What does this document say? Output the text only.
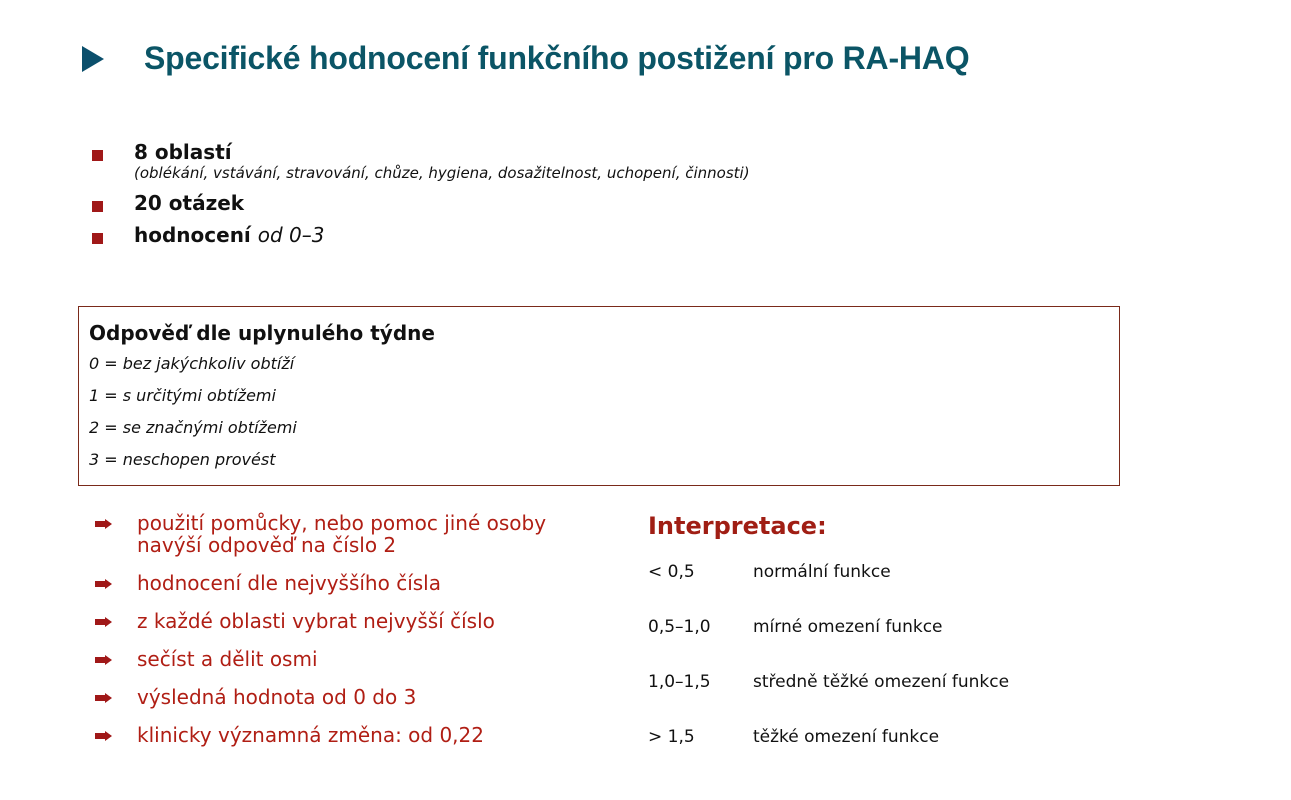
Specifické hodnocení funkčního postižení pro RA-HAQ
8 oblastí
(oblékání, vstávání, stravování, chůze, hygiena, dosažitelnost, uchopení, činnosti)
20 otázek
hodnocení od 0–3
Odpověď dle uplynulého týdne
0 = bez jakýchkoliv obtíží
1 = s určitými obtížemi
2 = se značnými obtížemi
3 = neschopen provést
použití pomůcky, nebo pomoc jiné osoby navýší odpověď na číslo 2
hodnocení dle nejvyššího čísla
z každé oblasti vybrat nejvyšší číslo
sečíst a dělit osmi
výsledná hodnota od 0 do 3
klinicky významná změna: od 0,22
Interpretace:
< 0,5	normální funkce
0,5–1,0	mírné omezení funkce
1,0–1,5	středně těžké omezení funkce
> 1,5	těžké omezení funkce
